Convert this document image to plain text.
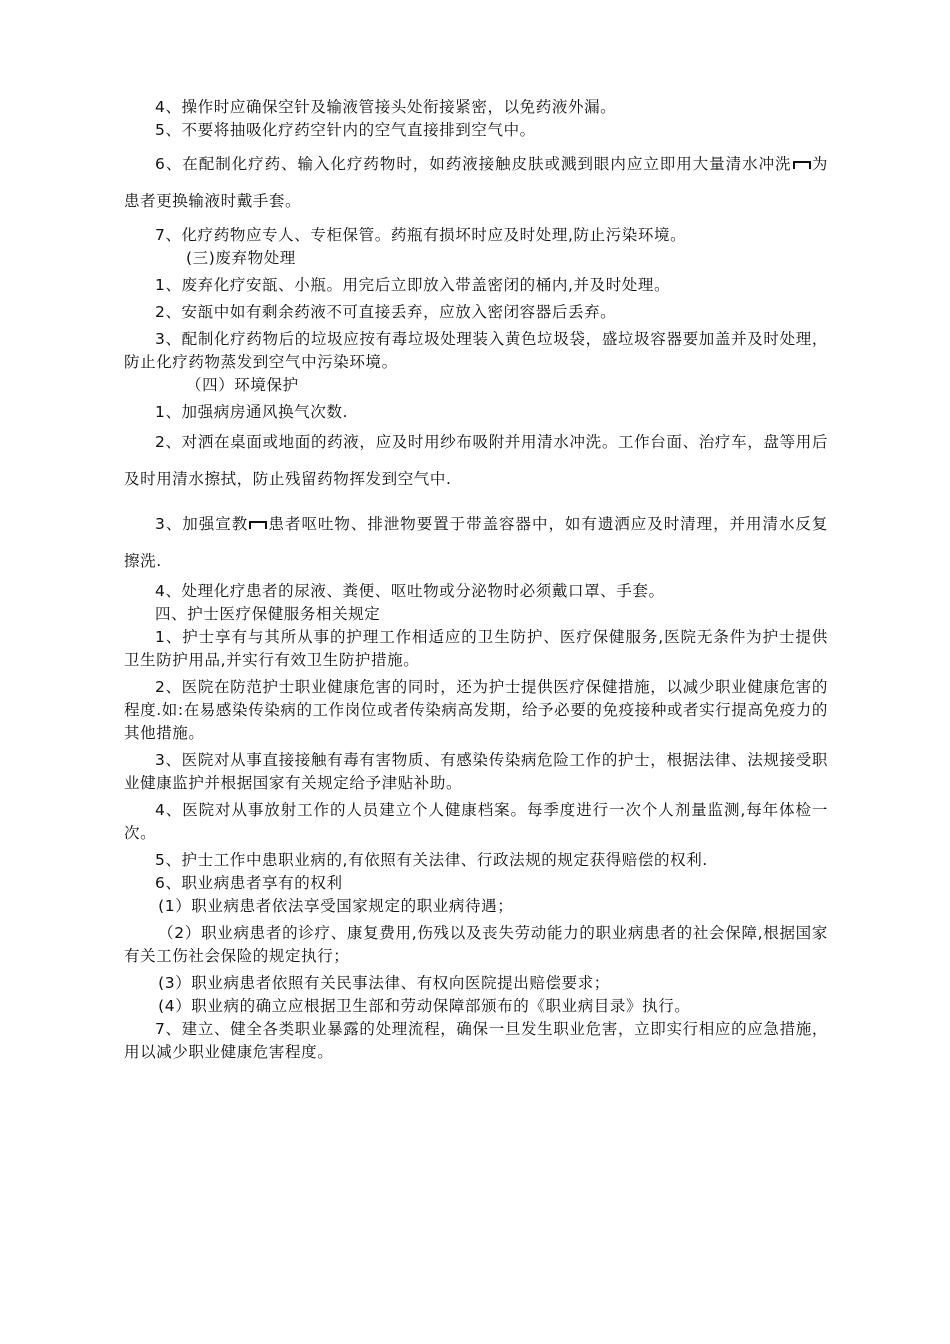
4、操作时应确保空针及输液管接头处衔接紧密，以免药液外漏。

5、不要将抽吸化疗药空针内的空气直接排到空气中。

6、在配制化疗药、输入化疗药物时，如药液接触皮肤或溅到眼内应立即用大量清水冲洗 为患者更换输液时戴手套。

7、化疗药物应专人、专柜保管。药瓶有损坏时应及时处理,防止污染环境。

(三)废弃物处理

1、废弃化疗安瓿、小瓶。用完后立即放入带盖密闭的桶内,并及时处理。

2、安瓿中如有剩余药液不可直接丢弃，应放入密闭容器后丢弃。

3、配制化疗药物后的垃圾应按有毒垃圾处理装入黄色垃圾袋，盛垃圾容器要加盖并及时处理，防止化疗药物蒸发到空气中污染环境。

（四）环境保护

1、加强病房通风换气次数.

2、对洒在桌面或地面的药液，应及时用纱布吸附并用清水冲洗。工作台面、治疗车，盘等用后及时用清水擦拭，防止残留药物挥发到空气中.

3、加强宣教 患者呕吐物、排泄物要置于带盖容器中，如有遗洒应及时清理，并用清水反复擦洗.

4、处理化疗患者的尿液、粪便、呕吐物或分泌物时必须戴口罩、手套。

四、护士医疗保健服务相关规定

1、护士享有与其所从事的护理工作相适应的卫生防护、医疗保健服务,医院无条件为护士提供卫生防护用品,并实行有效卫生防护措施。

2、医院在防范护士职业健康危害的同时，还为护士提供医疗保健措施，以减少职业健康危害的程度.如:在易感染传染病的工作岗位或者传染病高发期，给予必要的免疫接种或者实行提高免疫力的其他措施。

3、医院对从事直接接触有毒有害物质、有感染传染病危险工作的护士，根据法律、法规接受职业健康监护并根据国家有关规定给予津贴补助。

4、医院对从事放射工作的人员建立个人健康档案。每季度进行一次个人剂量监测,每年体检一次。

5、护士工作中患职业病的,有依照有关法律、行政法规的规定获得赔偿的权利.

6、职业病患者享有的权利

(1）职业病患者依法享受国家规定的职业病待遇；

（2）职业病患者的诊疗、康复费用,伤残以及丧失劳动能力的职业病患者的社会保障,根据国家有关工伤社会保险的规定执行；

(3）职业病患者依照有关民事法律、有权向医院提出赔偿要求；

(4）职业病的确立应根据卫生部和劳动保障部颁布的《职业病目录》执行。

7、建立、健全各类职业暴露的处理流程，确保一旦发生职业危害，立即实行相应的应急措施，用以减少职业健康危害程度。
